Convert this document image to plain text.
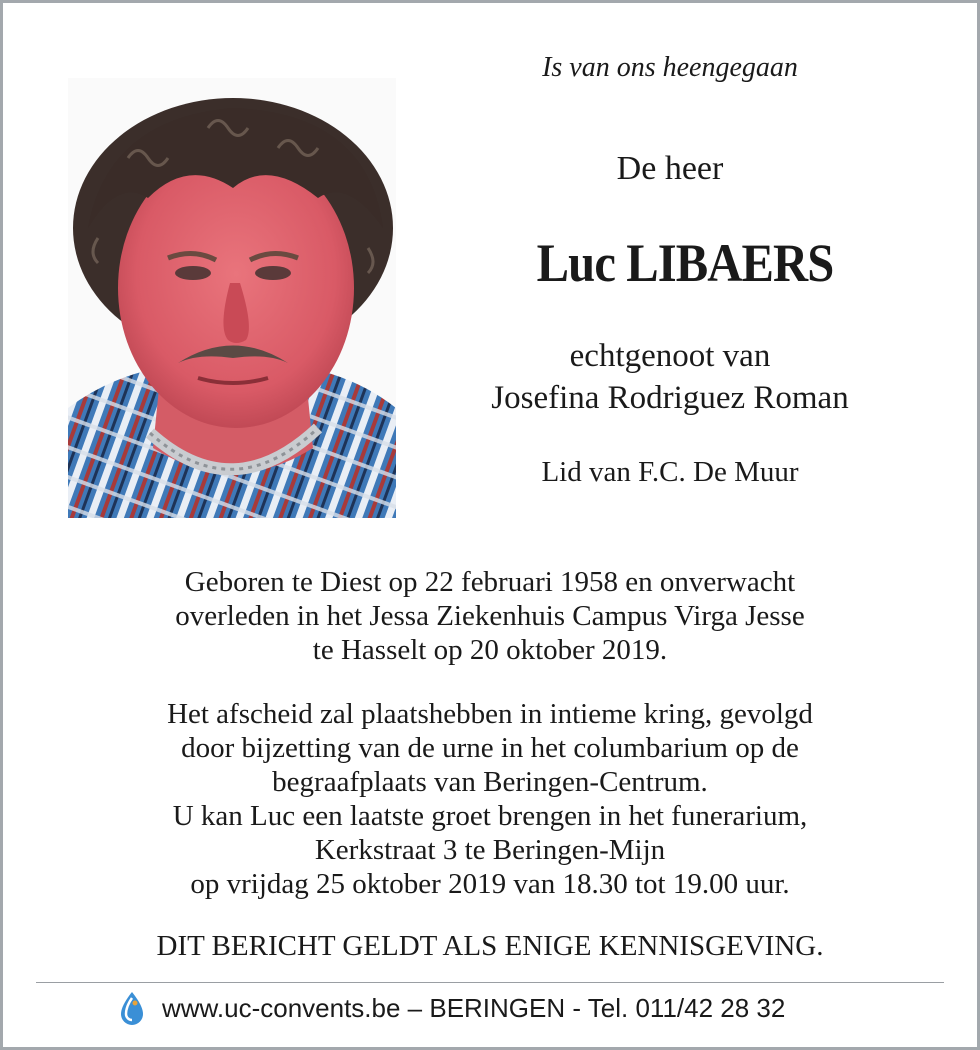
Is van ons heengegaan
De heer
Luc LIBAERS
echtgenoot van
Josefina Rodriguez Roman
Lid van F.C. De Muur
Geboren te Diest op 22 februari 1958 en onverwacht
overleden in het Jessa Ziekenhuis Campus Virga Jesse
te Hasselt op 20 oktober 2019.
Het afscheid zal plaatshebben in intieme kring, gevolgd
door bijzetting van de urne in het columbarium op de
begraafplaats van Beringen-Centrum.
U kan Luc een laatste groet brengen in het funerarium,
Kerkstraat 3 te Beringen-Mijn
op vrijdag 25 oktober 2019 van 18.30 tot 19.00 uur.
DIT BERICHT GELDT ALS ENIGE KENNISGEVING.
www.uc-convents.be – BERINGEN - Tel. 011/42 28 32
